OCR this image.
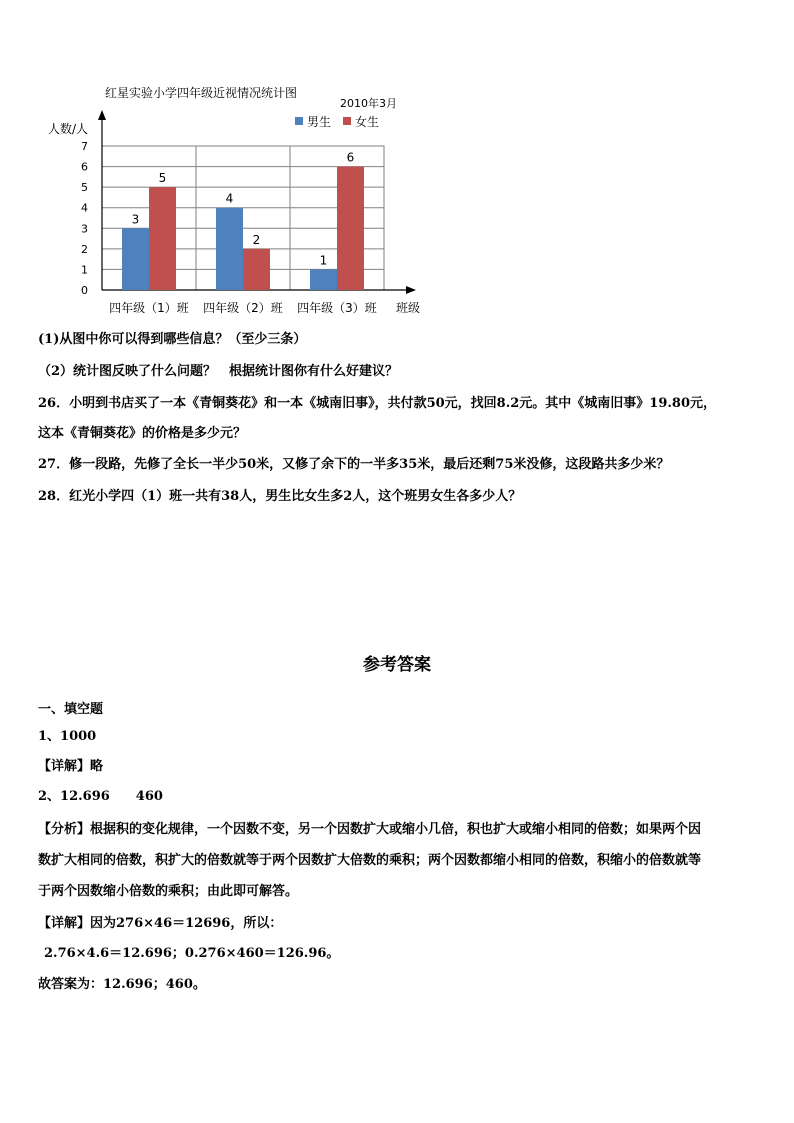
红星实验小学四年级近视情况统计图
2010年3月
人数/人	男生 女生
0
1
2
3
4
5
6
7
3
5
四年级（1）班
4
2
四年级（2）班
1
6
四年级（3）班 班级
(1)从图中你可以得到哪些信息？（至少三条）
（2）统计图反映了什么问题？　根据统计图你有什么好建议？
26．小明到书店买了一本《青铜葵花》和一本《城南旧事》，共付款50元，找回8.2元。其中《城南旧事》19.80元，
这本《青铜葵花》的价格是多少元？
27．修一段路，先修了全长一半少50米，又修了余下的一半多35米，最后还剩75米没修，这段路共多少米？
28．红光小学四（1）班一共有38人，男生比女生多2人，这个班男女生各多少人？
参考答案
一、填空题
1、1000
【详解】略
2、12.696　　460
【分析】根据积的变化规律，一个因数不变，另一个因数扩大或缩小几倍，积也扩大或缩小相同的倍数；如果两个因
数扩大相同的倍数，积扩大的倍数就等于两个因数扩大倍数的乘积；两个因数都缩小相同的倍数，积缩小的倍数就等
于两个因数缩小倍数的乘积；由此即可解答。
【详解】因为276×46＝12696，所以：
2.76×4.6＝12.696；0.276×460＝126.96。
故答案为：12.696；460。
